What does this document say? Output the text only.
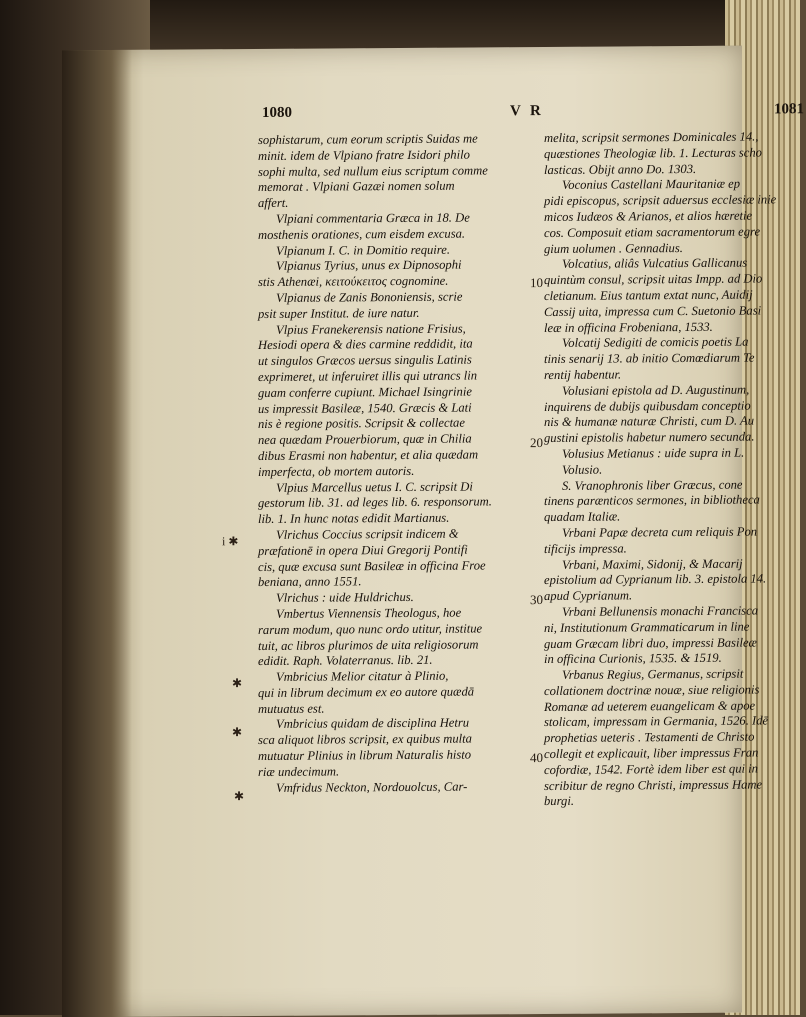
1080	V R	1081
sophistarum, cum eorum scriptis Suidas me
minit. idem de Vlpiano fratre Isidori philo
sophi multa, sed nullum eius scriptum comme
memorat . Vlpiani Gazæi nomen solum
affert.
Vlpiani commentaria Græca in 18. De
mosthenis orationes, cum eisdem excusa.
Vlpianum I. C. in Domitio require.
Vlpianus Tyrius, unus ex Dipnosophi
stis Athenæi, κειτούκειτος cognomine.
Vlpianus de Zanis Bononiensis, scrie
psit super Institut. de iure natur.
Vlpius Franekerensis natione Frisius,
Hesiodi opera & dies carmine reddidit, ita
ut singulos Græcos uersus singulis Latinis
exprimeret, ut inferuiret illis qui utrancs lin
guam conferre cupiunt. Michael Isingrinie
us impressit Basileæ, 1540. Græcis & Lati
nis è regione positis. Scripsit & collectae
nea quædam Prouerbiorum, quæ in Chilia
dibus Erasmi non habentur, et alia quædam
imperfecta, ob mortem autoris.
Vlpius Marcellus uetus I. C. scripsit Di
gestorum lib. 31. ad leges lib. 6. responsorum.
lib. 1. In hunc notas edidit Martianus.
Vlrichus Coccius scripsit indicem &
præfationē in opera Diui Gregorij Pontifi
cis, quæ excusa sunt Basileæ in officina Froe
beniana, anno 1551.
Vlrichus : uide Huldrichus.
Vmbertus Viennensis Theologus, hoe
rarum modum, quo nunc ordo utitur, institue
tuit, ac libros plurimos de uita religiosorum
edidit. Raph. Volaterranus. lib. 21.
Vmbricius Melior citatur à Plinio,
qui in librum decimum ex eo autore quædā
mutuatus est.
Vmbricius quidam de disciplina Hetru
sca aliquot libros scripsit, ex quibus multa
mutuatur Plinius in librum Naturalis histo
riæ undecimum.
Vmfridus Neckton, Nordouolcus, Car-
melita, scripsit sermones Dominicales 14.,
quæstiones Theologiæ lib. 1. Lecturas scho
lasticas. Obijt anno Do. 1303.
Voconius Castellani Mauritaniæ ep
pidi episcopus, scripsit aduersus ecclesiæ inie
micos Iudæos & Arianos, et alios hæretie
cos. Composuit etiam sacramentorum egre
gium uolumen . Gennadius.
Volcatius, aliâs Vulcatius Gallicanus
quintùm consul, scripsit uitas Impp. ad Dio
cletianum. Eius tantum extat nunc, Auidij
Cassij uita, impressa cum C. Suetonio Basi
leæ in officina Frobeniana, 1533.
Volcatij Sedigiti de comicis poetis La
tinis senarij 13. ab initio Comœdiarum Te
rentij habentur.
Volusiani epistola ad D. Augustinum,
inquirens de dubijs quibusdam conceptio
nis & humanæ naturæ Christi, cum D. Au
gustini epistolis habetur numero secunda.
Volusius Metianus : uide supra in L.
Volusio.
S. Vranophronis liber Græcus, cone
tinens parænticos sermones, in bibliotheca
quadam Italiæ.
Vrbani Papæ decreta cum reliquis Pon
tificijs impressa.
Vrbani, Maximi, Sidonij, & Macarij
epistolium ad Cyprianum lib. 3. epistola 14.
apud Cyprianum.
Vrbani Bellunensis monachi Francisca
ni, Institutionum Grammaticarum in line
guam Græcam libri duo, impressi Basileæ
in officina Curionis, 1535. & 1519.
Vrbanus Regius, Germanus, scripsit
collationem doctrinæ nouæ, siue religionis
Romanæ ad ueterem euangelicam & apoe
stolicam, impressam in Germania, 1526. Idē
prophetias ueteris . Testamenti de Christo
collegit et explicauit, liber impressus Fran
cofordiæ, 1542. Fortè idem liber est qui in
scribitur de regno Christi, impressus Hame
burgi.
10
20
30
40
i ✱
✱
✱
✱
